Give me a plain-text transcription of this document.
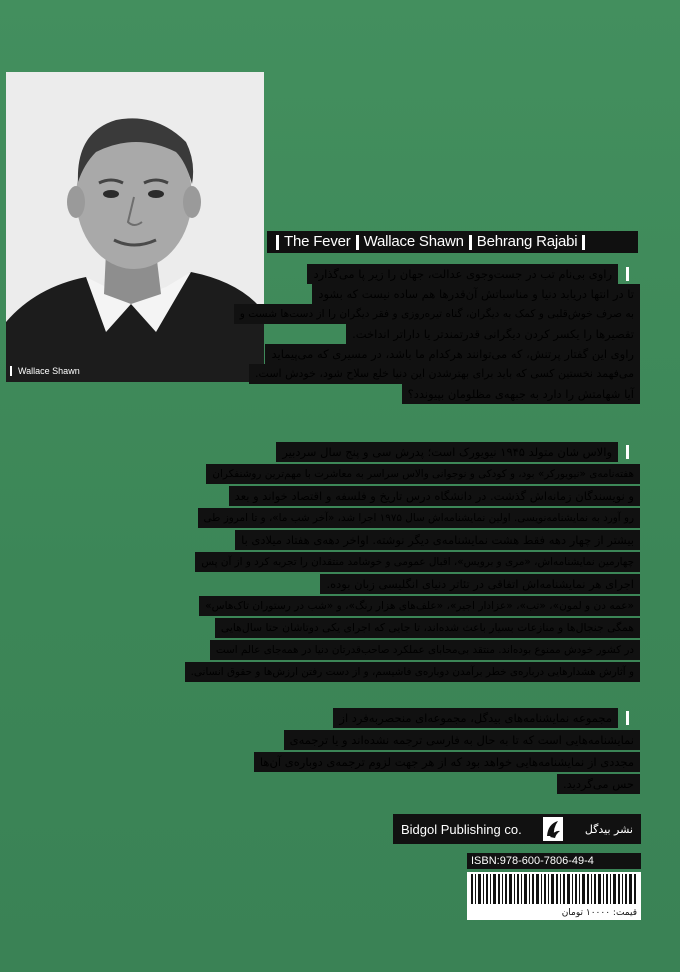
Wallace Shawn
The Fever Wallace Shawn Behrang Rajabi
راوی بی‌نام تب در جست‌وجوی عدالت، جهان را زیر پا می‌گذارد
تا در انتها دریابد دنیا و مناسباتش آن‌قدرها هم ساده نیست که بشود
به صرف خوش‌قلبی و کمک به دیگران، گناه تیره‌روزی و فقر دیگران را از دست‌ها شست و
تقصیرها را یکسر کردن دیگرانی قدرتمندتر یا دارا‌تر انداخت.
راوی این گفتار پرتنش، که می‌توانند هرکدام ما باشد، در مسیری که می‌پیماید
می‌فهمد نخستین کسی که باید برای بهترشدن این دنیا خلع سلاح شود، خودش است.
آیا شهامتش را دارد به جبهه‌ی مظلومان بپیوندد؟
والاس شان متولد ۱۹۴۵ نیویورک است؛ پدرش سی و پنج سال سردبیر
هفته‌نامه‌ی «نیویورکر» بود، و کودکی و نوجوانی والاس سراسر به معاشرت با مهم‌ترین روشنفکران
و نویسندگان زمانه‌اش گذشت. در دانشگاه درس تاریخ و فلسفه و اقتصاد خواند و بعد
رو آورد به نمایشنامه‌نویسی. اولین نمایشنامه‌اش سال ۱۹۷۵ اجرا شد، «آخر شب ما»، و تا امروز طی
بیشتر از چهار دهه فقط هشت نمایشنامه‌ی دیگر نوشته. اواخر دهه‌ی هفتاد میلادی با
چهارمین نمایشنامه‌اش، «مری و برویس»، اقبال عمومی و خوشامد منتقدان را تجربه کرد و از آن پس
اجرای هر نمایشنامه‌اش اتفاقی در تئاتر دنیای انگلیسی زبان بوده.
«عمه دن و لمون»، «تب»، «عزادار اجیر»، «علف‌های هزار رنگ»، و «شب در رستوران تاک‌هاس»
همگی جنجال‌ها و منازعات بسیار باعث شده‌اند، تا جایی که اجرای یکی دوتاشان حتا سال‌هایی
در کشور خودش ممنوع بوده‌اند. منتقد بی‌محابای عملکرد صاحب‌قدرتان دنیا در همه‌جای عالم است
و آثارش هشدارهایی درباره‌ی خطر برآمدن دوباره‌ی فاشیسم، و از دست رفتن ارزش‌ها و حقوق انسانی.
مجموعه نمایشنامه‌های بیدگل، مجموعه‌ای منحصربه‌فرد از
نمایشنامه‌هایی است که تا به حال به فارسی ترجمه نشده‌اند و یا ترجمه‌ی
مجددی از نمایشنامه‌هایی خواهد بود که از هر جهت لزوم ترجمه‌ی دوباره‌ی آن‌ها
حس می‌گردید.
Bidgol Publishing co.	نشر بیدگل
ISBN:978-600-7806-49-4
قیمت: ۱۰۰۰۰ تومان
